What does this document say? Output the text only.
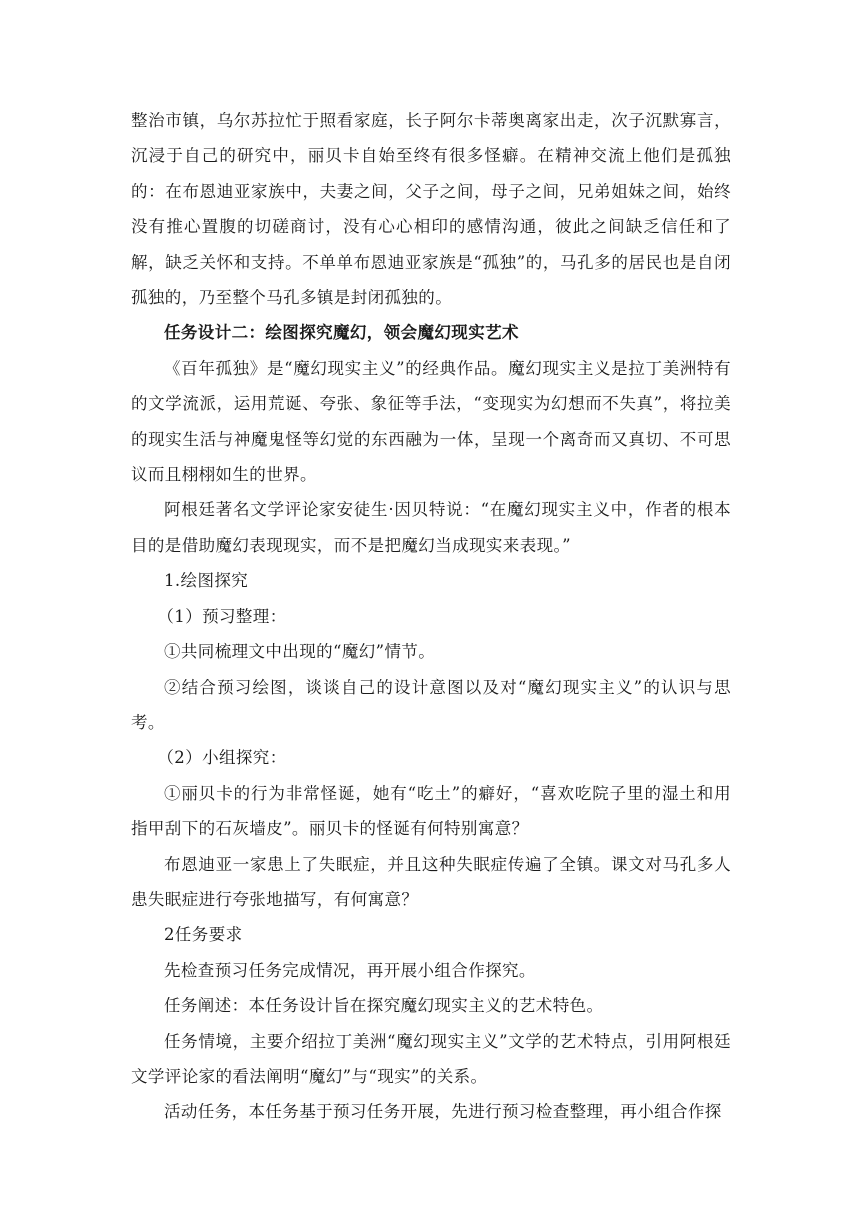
整治市镇，乌尔苏拉忙于照看家庭，长子阿尔卡蒂奥离家出走，次子沉默寡言，沉浸于自己的研究中，丽贝卡自始至终有很多怪癖。在精神交流上他们是孤独的：在布恩迪亚家族中，夫妻之间，父子之间，母子之间，兄弟姐妹之间，始终没有推心置腹的切磋商讨，没有心心相印的感情沟通，彼此之间缺乏信任和了解，缺乏关怀和支持。不单单布恩迪亚家族是“孤独”的，马孔多的居民也是自闭孤独的，乃至整个马孔多镇是封闭孤独的。

任务设计二：绘图探究魔幻，领会魔幻现实艺术

《百年孤独》是“魔幻现实主义”的经典作品。魔幻现实主义是拉丁美洲特有的文学流派，运用荒诞、夸张、象征等手法，“变现实为幻想而不失真”，将拉美的现实生活与神魔鬼怪等幻觉的东西融为一体，呈现一个离奇而又真切、不可思议而且栩栩如生的世界。

阿根廷著名文学评论家安徒生·因贝特说：“在魔幻现实主义中，作者的根本目的是借助魔幻表现现实，而不是把魔幻当成现实来表现。”

1.绘图探究

（1）预习整理：

①共同梳理文中出现的“魔幻”情节。

②结合预习绘图，谈谈自己的设计意图以及对“魔幻现实主义”的认识与思考。

（2）小组探究：

①丽贝卡的行为非常怪诞，她有“吃土”的癖好，“喜欢吃院子里的湿土和用指甲刮下的石灰墙皮”。丽贝卡的怪诞有何特别寓意？

布恩迪亚一家患上了失眠症，并且这种失眠症传遍了全镇。课文对马孔多人患失眠症进行夸张地描写，有何寓意？

2任务要求

先检查预习任务完成情况，再开展小组合作探究。

任务阐述：本任务设计旨在探究魔幻现实主义的艺术特色。

任务情境，主要介绍拉丁美洲“魔幻现实主义”文学的艺术特点，引用阿根廷文学评论家的看法阐明“魔幻”与“现实”的关系。

活动任务，本任务基于预习任务开展，先进行预习检查整理，再小组合作探
